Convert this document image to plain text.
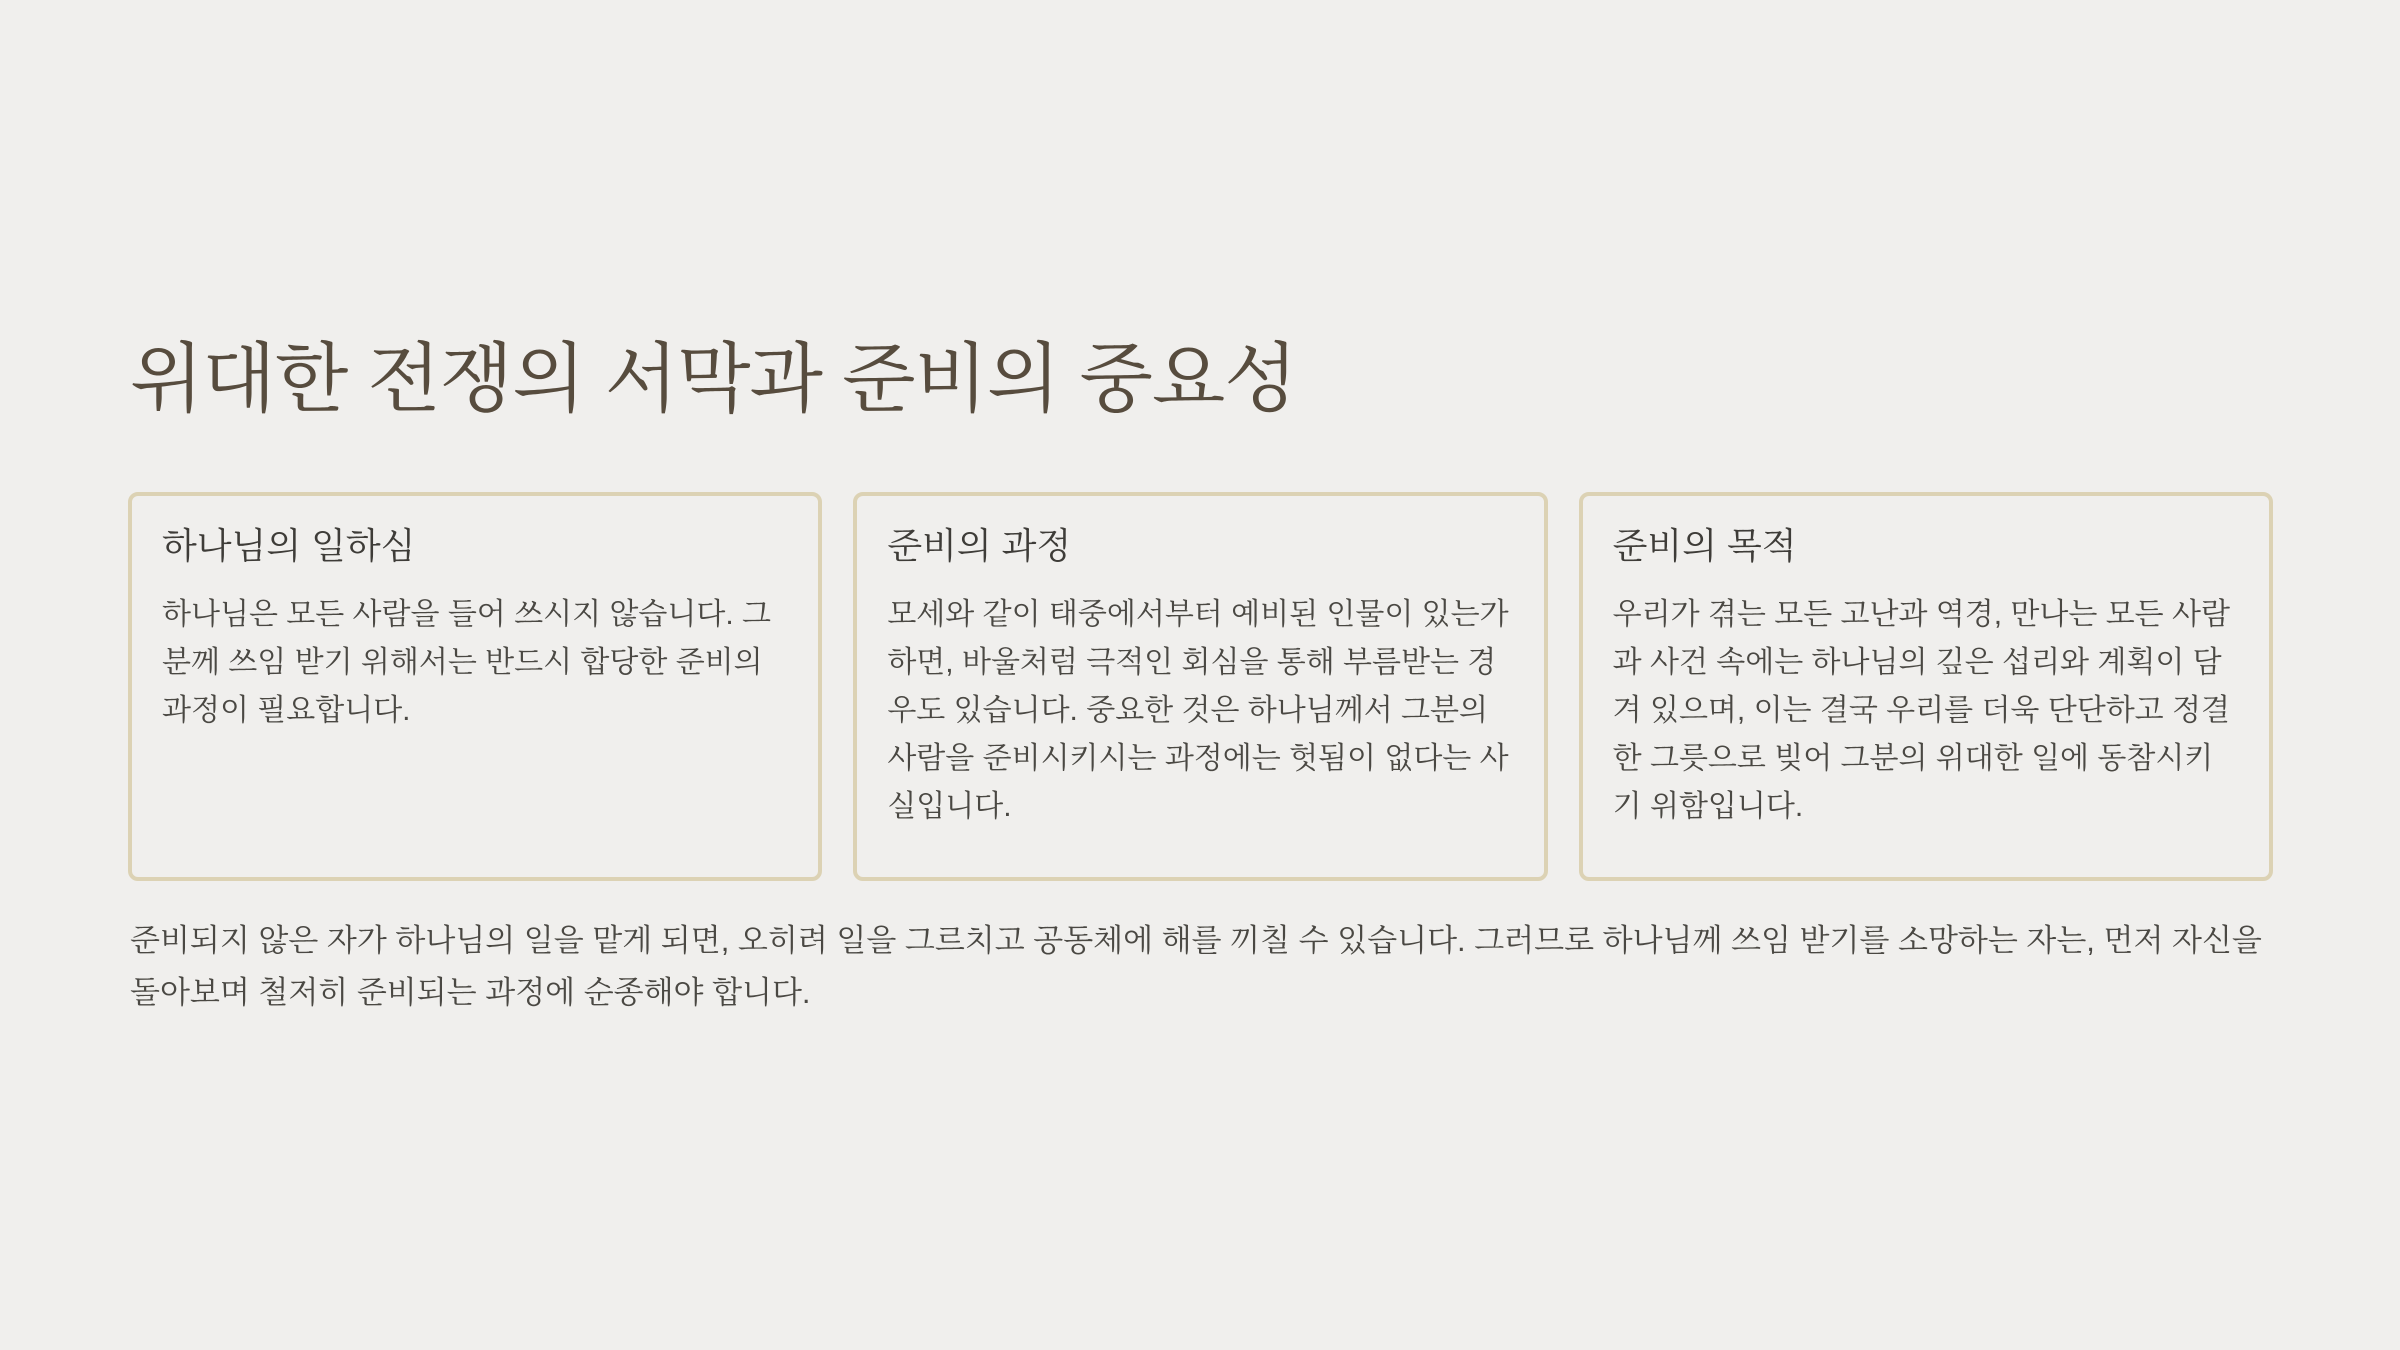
위대한 전쟁의 서막과 준비의 중요성
하나님의 일하심

하나님은 모든 사람을 들어 쓰시지 않습니다. 그분께 쓰임 받기 위해서는 반드시 합당한 준비의 과정이 필요합니다.

준비의 과정

모세와 같이 태중에서부터 예비된 인물이 있는가 하면, 바울처럼 극적인 회심을 통해 부름받는 경우도 있습니다. 중요한 것은 하나님께서 그분의 사람을 준비시키시는 과정에는 헛됨이 없다는 사실입니다.

준비의 목적

우리가 겪는 모든 고난과 역경, 만나는 모든 사람과 사건 속에는 하나님의 깊은 섭리와 계획이 담겨 있으며, 이는 결국 우리를 더욱 단단하고 정결한 그릇으로 빚어 그분의 위대한 일에 동참시키기 위함입니다.

준비되지 않은 자가 하나님의 일을 맡게 되면, 오히려 일을 그르치고 공동체에 해를 끼칠 수 있습니다. 그러므로 하나님께 쓰임 받기를 소망하는 자는, 먼저 자신을 돌아보며 철저히 준비되는 과정에 순종해야 합니다.
